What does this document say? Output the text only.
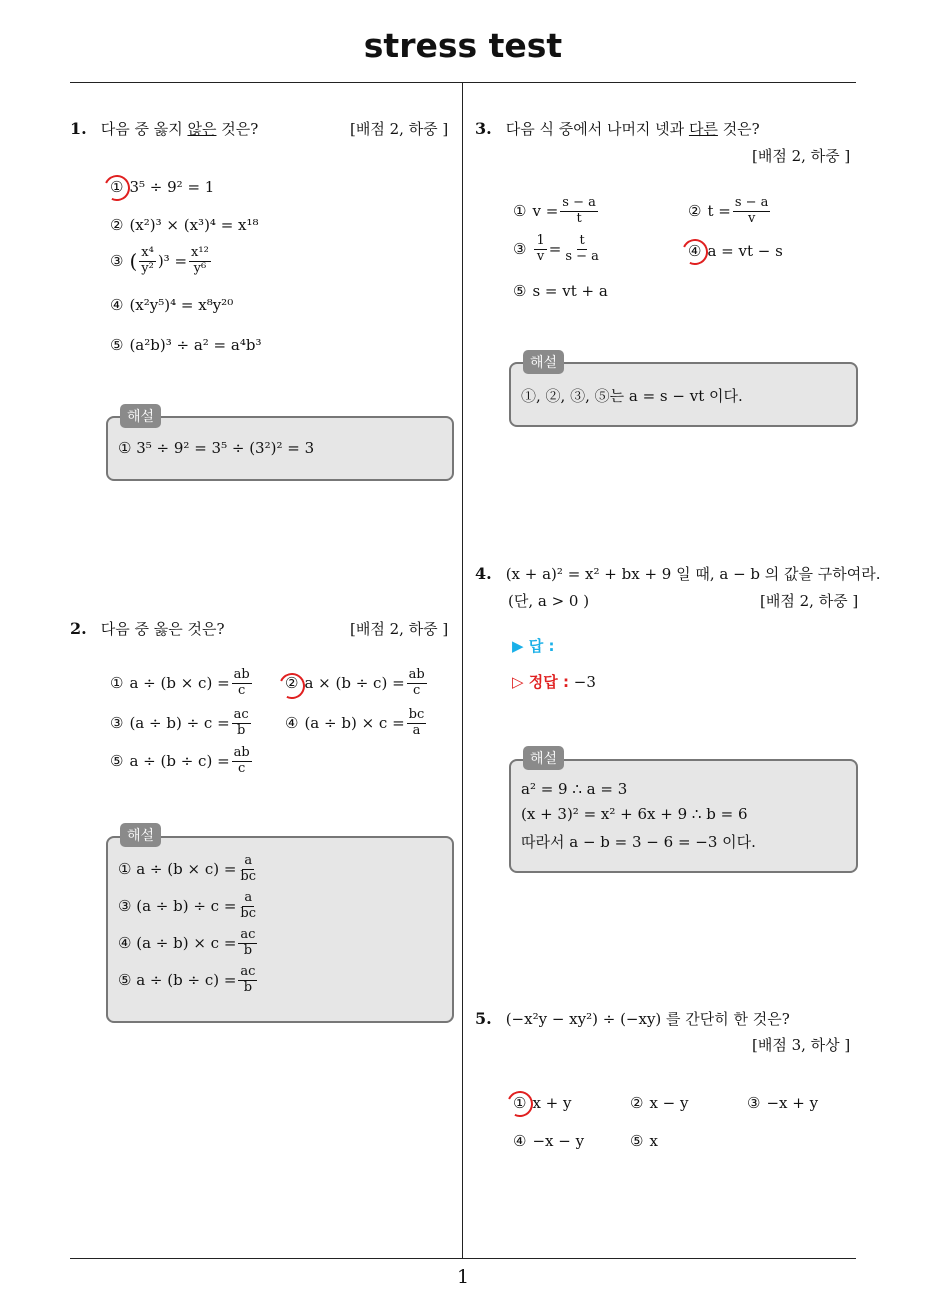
stress test
1
1. 다음 중 옳지 않은 것은?	[배점 2, 하중 ]
① 3⁵ ÷ 9² = 1
② (x²)³ × (x³)⁴ = x¹⁸
③ ( $\frac{\text{x⁴}}{\text{y²}} )^3 = \frac{\text{x¹²}}{\text{y⁶}}$
④ (x²y⁵)⁴ = x⁸y²⁰
⑤ (a²b)³ ÷ a² = a⁴b³
해설
① 3⁵ ÷ 9² = 3⁵ ÷ (3²)² = 3
2. 다음 중 옳은 것은?	[배점 2, 하중 ]
① $a \div (b \times c) = \frac{ab}{c}$ ② $a \times (b \div c) = \frac{ab}{c}$
③ $(a \div b) \div c = \frac{ac}{b}$ ④ $(a \div b) \times c = \frac{bc}{a}$
⑤ $a \div (b \div c) = \frac{ab}{c}$
해설
① $a \div (b \times c) = \frac{a}{bc}$
③ $(a \div b) \div c = \frac{a}{bc}$
④ $(a \div b) \times c = \frac{ac}{b}$
⑤ $a \div (b \div c) = \frac{ac}{b}$
3. 다음 식 중에서 나머지 넷과 다른 것은?
[배점 2, 하중 ]
① $v = \frac{s - a}{t}$	② $t = \frac{s - a}{v}$
③ $\frac{1}{v} = \frac{t}{s - a}$	④ a = vt − s
⑤ s = vt + a
해설
①, ②, ③, ⑤는 a = s − vt 이다.
4. (x + a)² = x² + bx + 9 일 때, a − b 의 값을 구하여라.
(단, a > 0 )	[배점 2, 하중 ]
▶ 답 :
▷ 정답 : −3
해설
a² = 9 ∴ a = 3
(x + 3)² = x² + 6x + 9 ∴ b = 6
따라서 a − b = 3 − 6 = −3 이다.
5. (−x²y − xy²) ÷ (−xy) 를 간단히 한 것은?
[배점 3, 하상 ]
① x + y	② x − y	③ −x + y
④ −x − y	⑤ x
